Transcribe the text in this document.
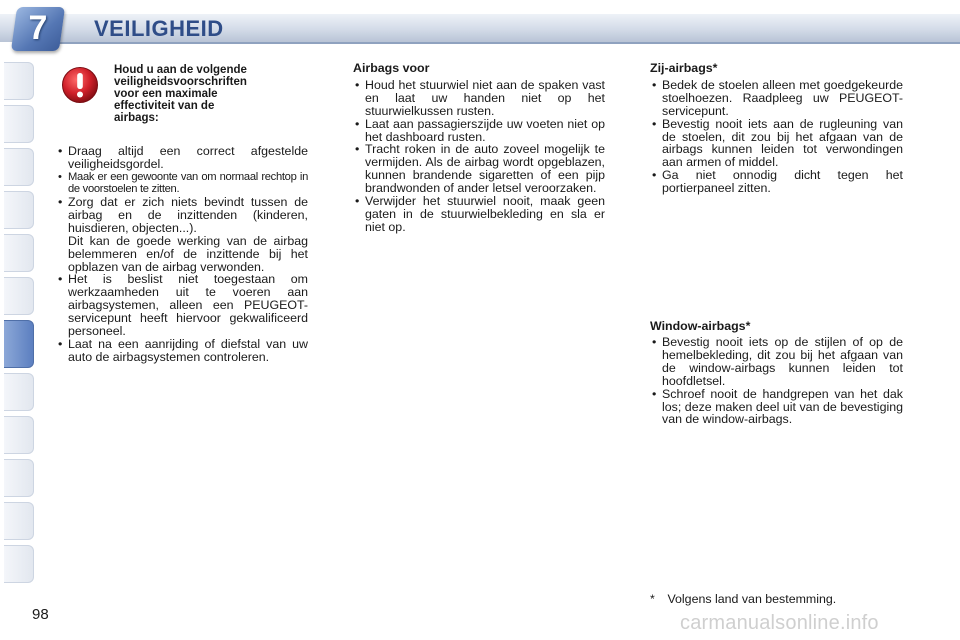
7	VEILIGHEID
Houd u aan de volgende
veiligheidsvoorschriften
voor een maximale
effectiviteit van de
airbags:
• Draag altijd een correct afgestelde veiligheidsgordel.
• Maak er een gewoonte van om normaal rechtop in de voorstoelen te zitten.
• Zorg dat er zich niets bevindt tussen de airbag en de inzittenden (kinderen, huisdieren, objecten...).
Dit kan de goede werking van de airbag belemmeren en/of de inzittende bij het opblazen van de airbag verwonden.
• Het is beslist niet toegestaan om werkzaamheden uit te voeren aan airbagsystemen, alleen een PEUGEOT-servicepunt heeft hiervoor gekwalificeerd personeel.
• Laat na een aanrijding of diefstal van uw auto de airbagsystemen controleren.
Airbags voor
• Houd het stuurwiel niet aan de spaken vast en laat uw handen niet op het stuurwielkussen rusten.
• Laat aan passagierszijde uw voeten niet op het dashboard rusten.
• Tracht roken in de auto zoveel mogelijk te vermijden. Als de airbag wordt opgeblazen, kunnen brandende sigaretten of een pijp brandwonden of ander letsel veroorzaken.
• Verwijder het stuurwiel nooit, maak geen gaten in de stuurwielbekleding en sla er niet op.
Zij-airbags*
• Bedek de stoelen alleen met goedgekeurde stoelhoezen. Raadpleeg uw PEUGEOT-servicepunt.
• Bevestig nooit iets aan de rugleuning van de stoelen, dit zou bij het afgaan van de airbags kunnen leiden tot verwondingen aan armen of middel.
• Ga niet onnodig dicht tegen het portierpaneel zitten.
Window-airbags*
• Bevestig nooit iets op de stijlen of op de hemelbekleding, dit zou bij het afgaan van de window-airbags kunnen leiden tot hoofdletsel.
• Schroef nooit de handgrepen van het dak los; deze maken deel uit van de bevestiging van de window-airbags.
* Volgens land van bestemming.
98	carmanualsonline.info
